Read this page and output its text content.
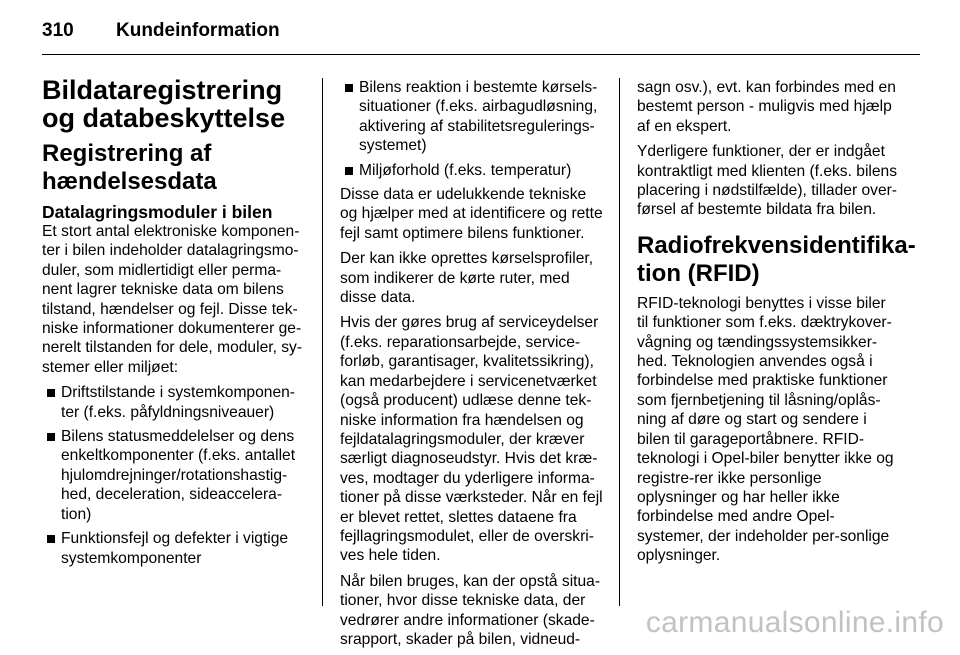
310 Kundeinformation
Bildataregistrering og databeskyttelse
Registrering af hændelsesdata
Datalagringsmoduler i bilen

Et stort antal elektroniske komponen-ter i bilen indeholder datalagringsmo-duler, som midlertidigt eller perma-nent lagrer tekniske data om bilens tilstand, hændelser og fejl. Disse tek-niske informationer dokumenterer ge-nerelt tilstanden for dele, moduler, sy-stemer eller miljøet:

Driftstilstande i systemkomponen-ter (f.eks. påfyldningsniveauer)
Bilens statusmeddelelser og dens enkeltkomponenter (f.eks. antallet hjulomdrejninger/rotationshastig-hed, deceleration, sideaccelera-tion)
Funktionsfejl og defekter i vigtige systemkomponenter
Bilens reaktion i bestemte kørsels-situationer (f.eks. airbagudløsning, aktivering af stabilitetsregulerings-systemet)
Miljøforhold (f.eks. temperatur)

Disse data er udelukkende tekniske og hjælper med at identificere og rette fejl samt optimere bilens funktioner.

Der kan ikke oprettes kørselsprofiler, som indikerer de kørte ruter, med disse data.

Hvis der gøres brug af serviceydelser (f.eks. reparationsarbejde, service-forløb, garantisager, kvalitetssikring), kan medarbejdere i servicenetværket (også producent) udlæse denne tek-niske information fra hændelsen og fejldatalagringsmoduler, der kræver særligt diagnoseudstyr. Hvis det kræ-ves, modtager du yderligere informa-tioner på disse værksteder. Når en fejl er blevet rettet, slettes dataene fra fejllagringsmodulet, eller de overskri-ves hele tiden.

Når bilen bruges, kan der opstå situa-tioner, hvor disse tekniske data, der vedrører andre informationer (skade-srapport, skader på bilen, vidneud-

sagn osv.), evt. kan forbindes med en bestemt person - muligvis med hjælp af en ekspert.

Yderligere funktioner, der er indgået kontraktligt med klienten (f.eks. bilens placering i nødstilfælde), tillader over-førsel af bestemte bildata fra bilen.

Radiofrekvensidentifika-tion (RFID)

RFID-teknologi benyttes i visse biler til funktioner som f.eks. dæktrykover-vågning og tændingssystemsikker-hed. Teknologien anvendes også i forbindelse med praktiske funktioner som fjernbetjening til låsning/oplås-ning af døre og start og sendere i bilen til garageportåbnere. RFID-teknologi i Opel-biler benytter ikke og registre-rer ikke personlige oplysninger og har heller ikke forbindelse med andre Opel-systemer, der indeholder per-sonlige oplysninger.

carmanualsonline.info
